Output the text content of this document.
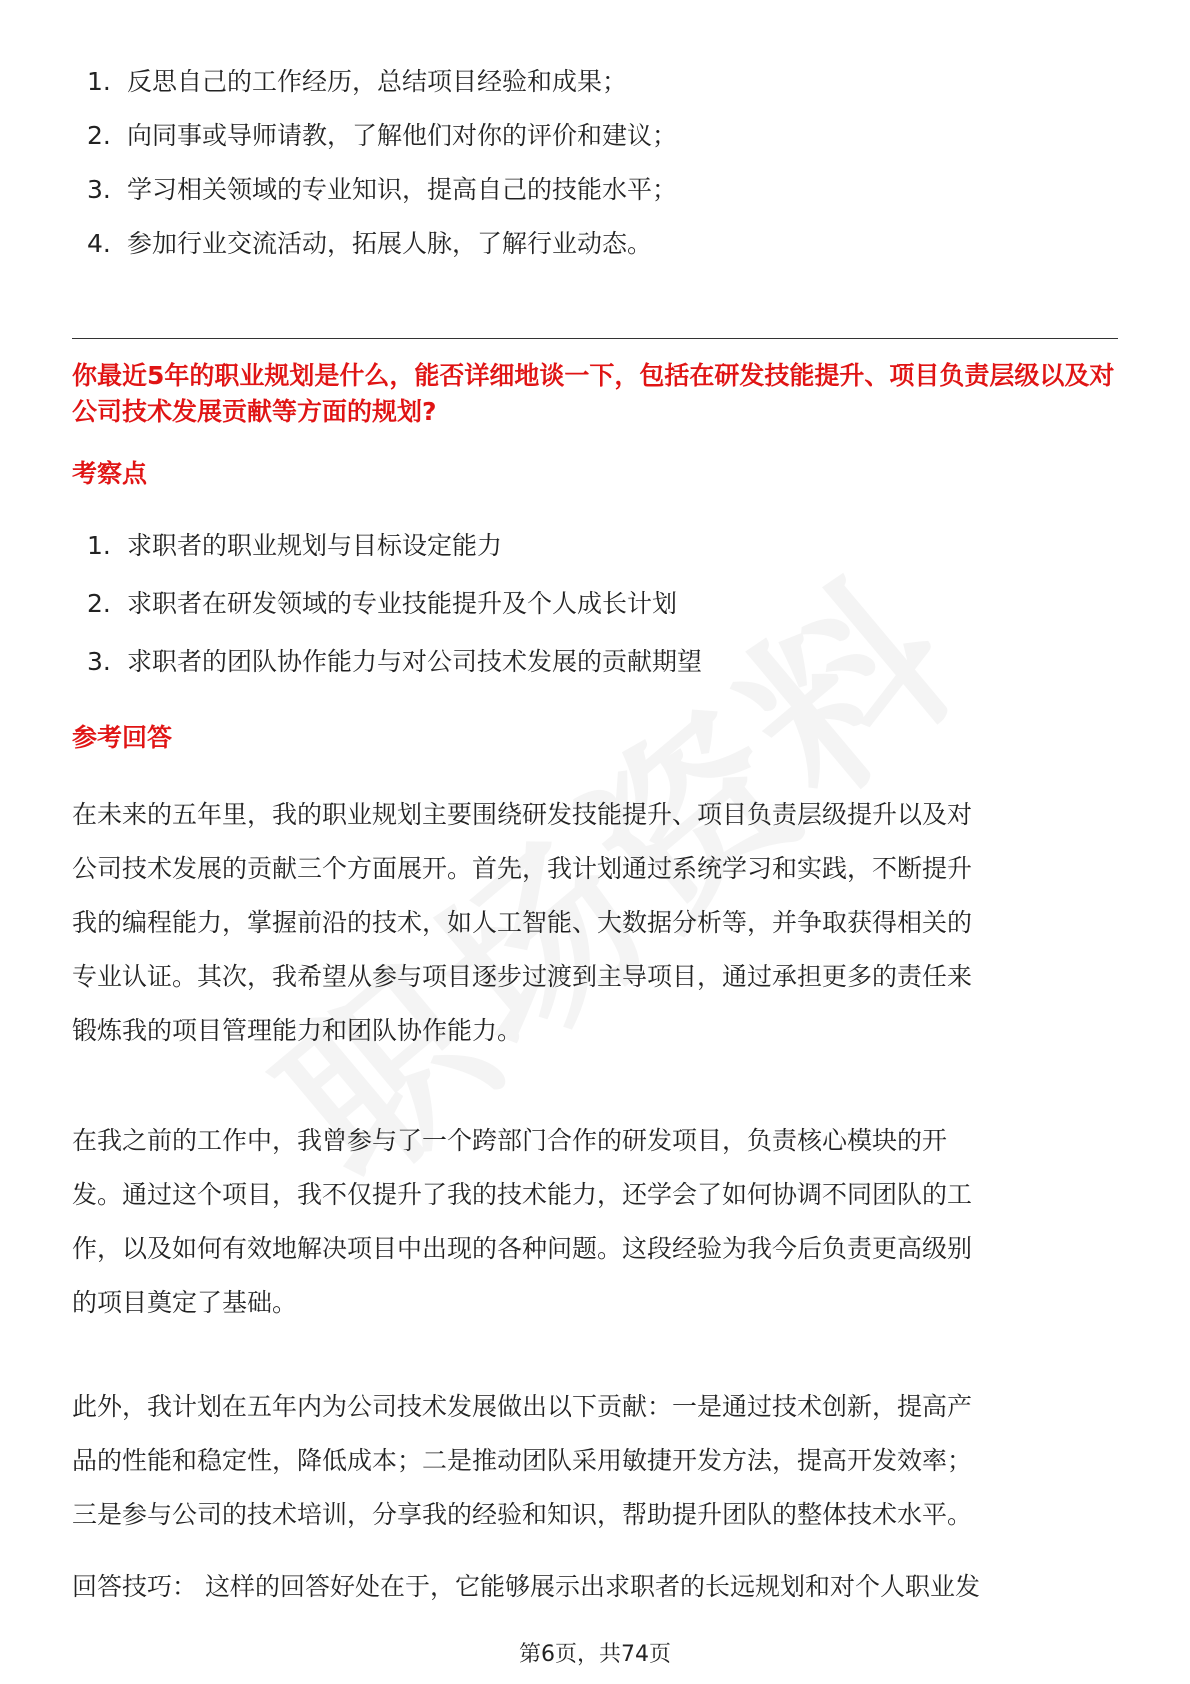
1. 反思自己的工作经历，总结项目经验和成果；
2. 向同事或导师请教，了解他们对你的评价和建议；
3. 学习相关领域的专业知识，提高自己的技能水平；
4. 参加行业交流活动，拓展人脉，了解行业动态。
你最近5年的职业规划是什么，能否详细地谈一下，包括在研发技能提升、项目负责层级以及对公司技术发展贡献等方面的规划?
考察点
1. 求职者的职业规划与目标设定能力
2. 求职者在研发领域的专业技能提升及个人成长计划
3. 求职者的团队协作能力与对公司技术发展的贡献期望
参考回答

在未来的五年里，我的职业规划主要围绕研发技能提升、项目负责层级提升以及对
公司技术发展的贡献三个方面展开。首先，我计划通过系统学习和实践，不断提升
我的编程能力，掌握前沿的技术，如人工智能、大数据分析等，并争取获得相关的
专业认证。其次，我希望从参与项目逐步过渡到主导项目，通过承担更多的责任来
锻炼我的项目管理能力和团队协作能力。

在我之前的工作中，我曾参与了一个跨部门合作的研发项目，负责核心模块的开
发。通过这个项目，我不仅提升了我的技术能力，还学会了如何协调不同团队的工
作，以及如何有效地解决项目中出现的各种问题。这段经验为我今后负责更高级别
的项目奠定了基础。

此外，我计划在五年内为公司技术发展做出以下贡献：一是通过技术创新，提高产
品的性能和稳定性，降低成本；二是推动团队采用敏捷开发方法，提高开发效率；
三是参与公司的技术培训，分享我的经验和知识，帮助提升团队的整体技术水平。

回答技巧： 这样的回答好处在于，它能够展示出求职者的长远规划和对个人职业发

第6页，共74页
